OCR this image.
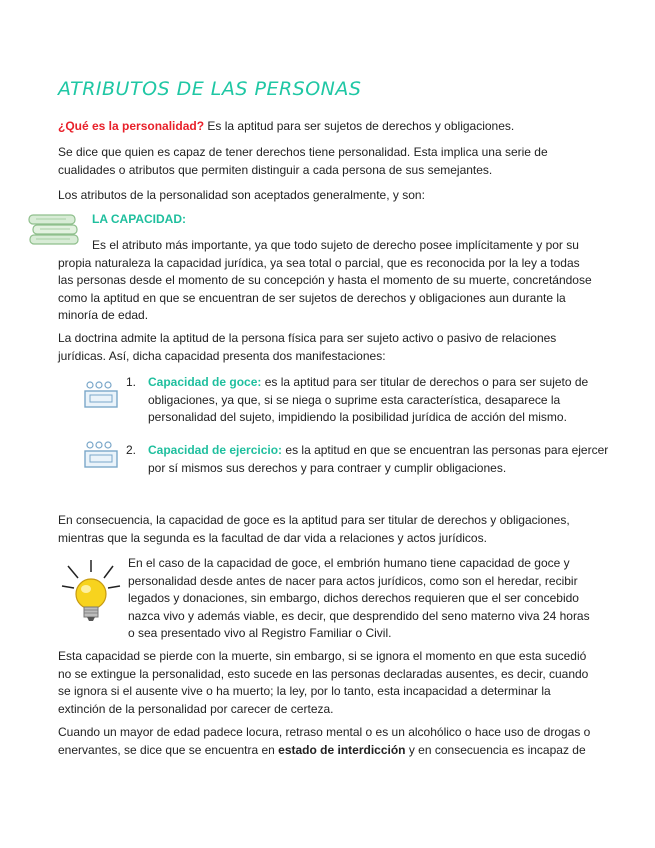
ATRIBUTOS DE LAS PERSONAS

¿Qué es la personalidad? Es la aptitud para ser sujetos de derechos y obligaciones.

Se dice que quien es capaz de tener derechos tiene personalidad. Esta implica una serie de cualidades o atributos que permiten distinguir a cada persona de sus semejantes.

Los atributos de la personalidad son aceptados generalmente, y son:

LA CAPACIDAD:

Es el atributo más importante, ya que todo sujeto de derecho posee implícitamente y por su

propia naturaleza la capacidad jurídica, ya sea total o parcial, que es reconocida por la ley a todas las personas desde el momento de su concepción y hasta el momento de su muerte, concretándose como la aptitud en que se encuentran de ser sujetos de derechos y obligaciones aun durante la minoría de edad.

La doctrina admite la aptitud de la persona física para ser sujeto activo o pasivo de relaciones jurídicas. Así, dicha capacidad presenta dos manifestaciones:

1. Capacidad de goce: es la aptitud para ser titular de derechos o para ser sujeto de obligaciones, ya que, si se niega o suprime esta característica, desaparece la personalidad del sujeto, impidiendo la posibilidad jurídica de acción del mismo.
2. Capacidad de ejercicio: es la aptitud en que se encuentran las personas para ejercer por sí mismos sus derechos y para contraer y cumplir obligaciones.

En consecuencia, la capacidad de goce es la aptitud para ser titular de derechos y obligaciones, mientras que la segunda es la facultad de dar vida a relaciones y actos jurídicos.

En el caso de la capacidad de goce, el embrión humano tiene capacidad de goce y personalidad desde antes de nacer para actos jurídicos, como son el heredar, recibir legados y donaciones, sin embargo, dichos derechos requieren que el ser concebido nazca vivo y además viable, es decir, que desprendido del seno materno viva 24 horas o sea presentado vivo al Registro Familiar o Civil.

Esta capacidad se pierde con la muerte, sin embargo, si se ignora el momento en que esta sucedió no se extingue la personalidad, esto sucede en las personas declaradas ausentes, es decir, cuando se ignora si el ausente vive o ha muerto; la ley, por lo tanto, esta incapacidad a determinar la extinción de la personalidad por carecer de certeza.

Cuando un mayor de edad padece locura, retraso mental o es un alcohólico o hace uso de drogas o enervantes, se dice que se encuentra en estado de interdicción y en consecuencia es incapaz de
